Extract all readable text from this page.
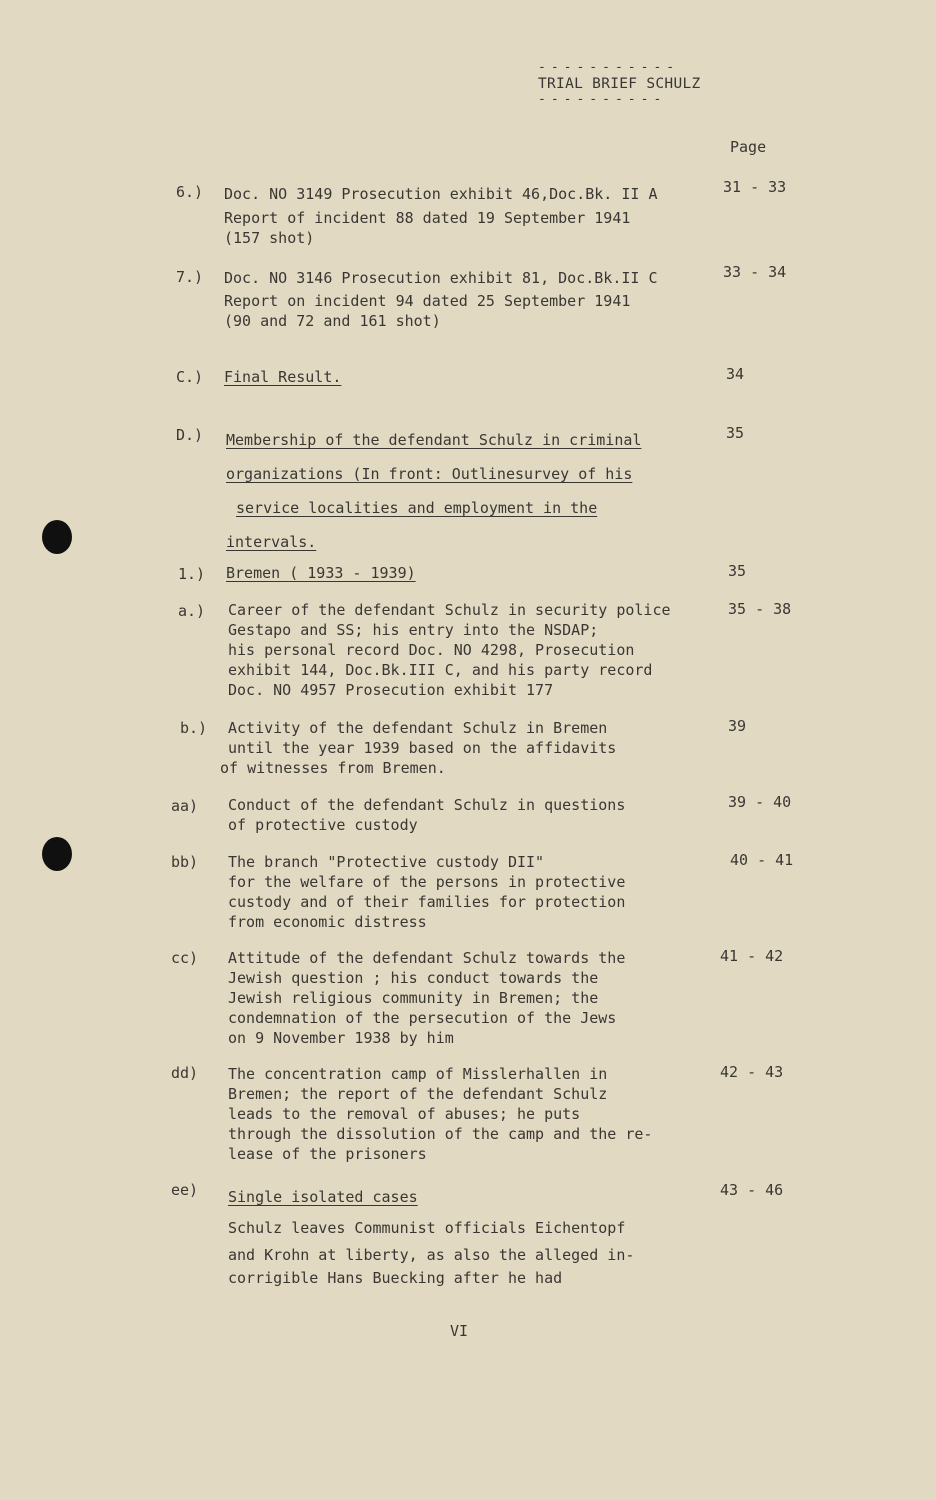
-----------
TRIAL BRIEF SCHULZ
----------
Page
6.) Doc. NO 3149 Prosecution exhibit 46,Doc.Bk. II A
Report of incident 88 dated 19 September 1941
(157 shot)
31 - 33
7.) Doc. NO 3146 Prosecution exhibit 81, Doc.Bk.II C
Report on incident 94 dated 25 September 1941
(90 and 72 and 161 shot)
33 - 34
C.) Final Result.	34
D.) Membership of the defendant Schulz in criminal
organizations (In front: Outlinesurvey of his
service localities and employment in the
intervals.
35
1.) Bremen ( 1933 - 1939)	35
a.) Career of the defendant Schulz in security police
Gestapo and SS; his entry into the NSDAP;
his personal record Doc. NO 4298, Prosecution
exhibit 144, Doc.Bk.III C, and his party record
Doc. NO 4957 Prosecution exhibit 177
35 - 38
b.) Activity of the defendant Schulz in Bremen
until the year 1939 based on the affidavits
of witnesses from Bremen.
39
aa) Conduct of the defendant Schulz in questions
of protective custody
39 - 40
bb) The branch "Protective custody DII"
for the welfare of the persons in protective
custody and of their families for protection
from economic distress
40 - 41
cc) Attitude of the defendant Schulz towards the
Jewish question ; his conduct towards the
Jewish religious community in Bremen; the
condemnation of the persecution of the Jews
on 9 November 1938 by him
41 - 42
dd) The concentration camp of Misslerhallen in
Bremen; the report of the defendant Schulz
leads to the removal of abuses; he puts
through the dissolution of the camp and the re-
lease of the prisoners
42 - 43
ee) Single isolated cases
Schulz leaves Communist officials Eichentopf
and Krohn at liberty, as also the alleged in-
corrigible Hans Buecking after he had
43 - 46
VI
